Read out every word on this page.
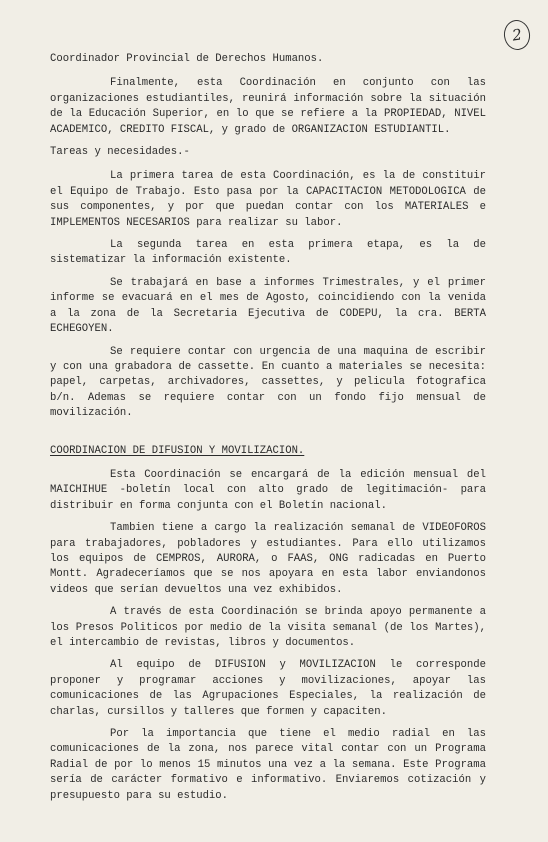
2

Coordinador Provincial de Derechos Humanos.

Finalmente, esta Coordinación en conjunto con las organizaciones estudiantiles, reunirá información sobre la situación de la Educación Superior, en lo que se refiere a la PROPIEDAD, NIVEL ACADEMICO, CREDITO FISCAL, y grado de ORGANIZACION ESTUDIANTIL.

Tareas y necesidades.-

La primera tarea de esta Coordinación, es la de constituir el Equipo de Trabajo. Esto pasa por la CAPACITACION METODOLOGICA de sus componentes, y por que puedan contar con los MATERIALES e IMPLEMENTOS NECESARIOS para realizar su labor.

La segunda tarea en esta primera etapa, es la de sistematizar la información existente.

Se trabajará en base a informes Trimestrales, y el primer informe se evacuará en el mes de Agosto, coincidiendo con la venida a la zona de la Secretaria Ejecutiva de CODEPU, la cra. BERTA ECHEGOYEN.

Se requiere contar con urgencia de una maquina de escribir y con una grabadora de cassette. En cuanto a materiales se necesita: papel, carpetas, archivadores, cassettes, y pelicula fotografica b/n. Ademas se requiere contar con un fondo fijo mensual de movilización.

COORDINACION DE DIFUSION Y MOVILIZACION.

Esta Coordinación se encargará de la edición mensual del MAICHIHUE -boletín local con alto grado de legitimación- para distribuir en forma conjunta con el Boletín nacional.

Tambien tiene a cargo la realización semanal de VIDEOFOROS para trabajadores, pobladores y estudiantes. Para ello utilizamos los equipos de CEMPROS, AURORA, o FAAS, ONG radicadas en Puerto Montt. Agradeceríamos que se nos apoyara en esta labor enviandonos videos que serían devueltos una vez exhibidos.

A través de esta Coordinación se brinda apoyo permanente a los Presos Politicos por medio de la visita semanal (de los Martes), el intercambio de revistas, libros y documentos.

Al equipo de DIFUSION y MOVILIZACION le corresponde proponer y programar acciones y movilizaciones, apoyar las comunicaciones de las Agrupaciones Especiales, la realización de charlas, cursillos y talleres que formen y capaciten.

Por la importancia que tiene el medio radial en las comunicaciones de la zona, nos parece vital contar con un Programa Radial de por lo menos 15 minutos una vez a la semana. Este Programa sería de carácter formativo e informativo. Enviaremos cotización y presupuesto para su estudio.
